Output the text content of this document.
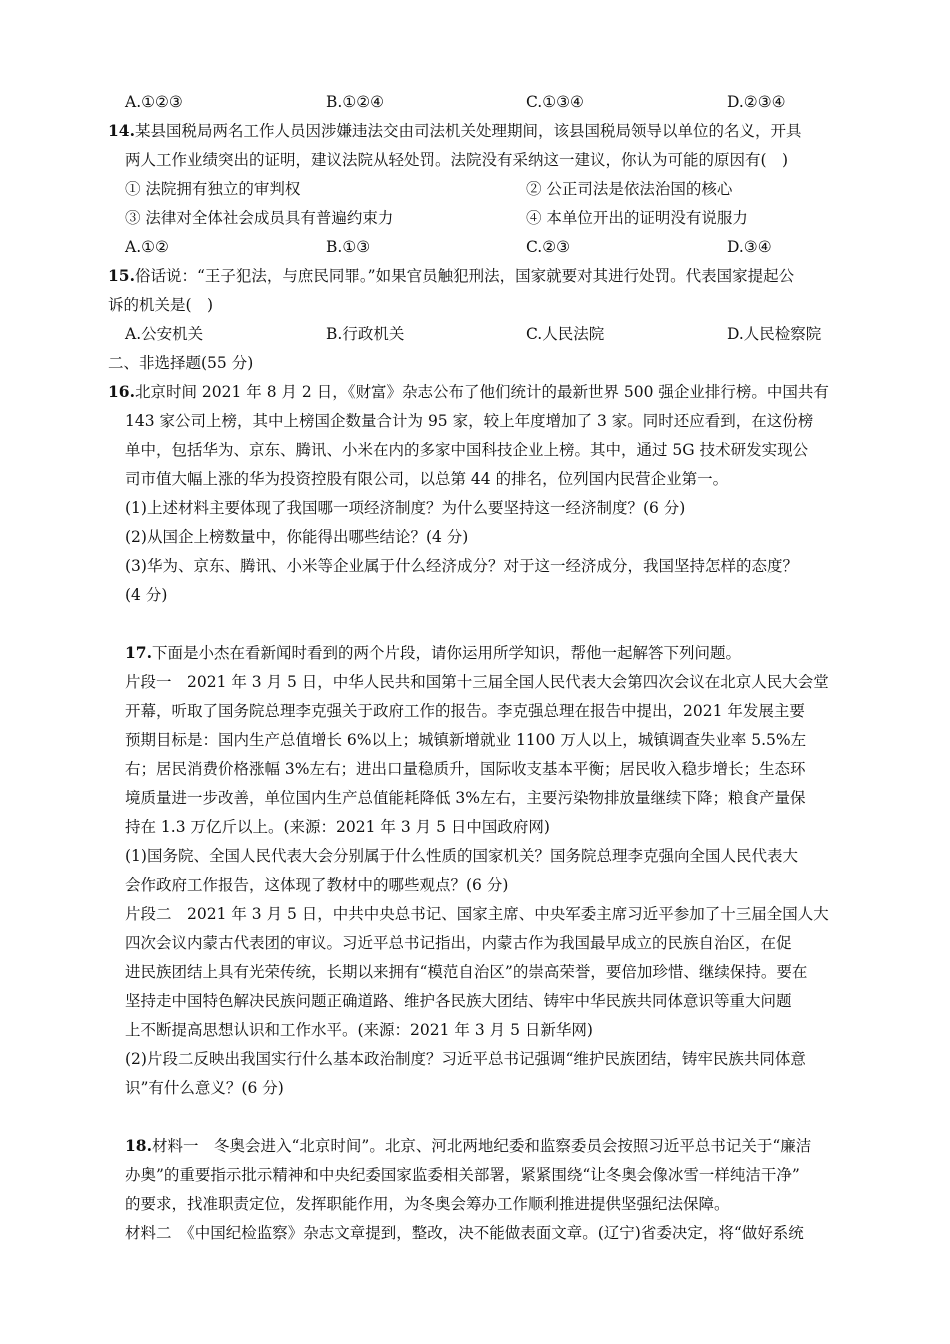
A.①②③	B.①②④	C.①③④	D.②③④
14.某县国税局两名工作人员因涉嫌违法交由司法机关处理期间，该县国税局领导以单位的名义，开具
两人工作业绩突出的证明，建议法院从轻处罚。法院没有采纳这一建议，你认为可能的原因有(　)
① 法院拥有独立的审判权	② 公正司法是依法治国的核心
③ 法律对全体社会成员具有普遍约束力	④ 本单位开出的证明没有说服力
A.①②	B.①③	C.②③	D.③④
15.俗话说：“王子犯法，与庶民同罪。”如果官员触犯刑法，国家就要对其进行处罚。代表国家提起公
诉的机关是(　)
A.公安机关	B.行政机关	C.人民法院	D.人民检察院
二、非选择题(55 分)
16.北京时间 2021 年 8 月 2 日，《财富》杂志公布了他们统计的最新世界 500 强企业排行榜。中国共有
143 家公司上榜，其中上榜国企数量合计为 95 家，较上年度增加了 3 家。同时还应看到，在这份榜
单中，包括华为、京东、腾讯、小米在内的多家中国科技企业上榜。其中，通过 5G 技术研发实现公
司市值大幅上涨的华为投资控股有限公司，以总第 44 的排名，位列国内民营企业第一。
(1)上述材料主要体现了我国哪一项经济制度？为什么要坚持这一经济制度？(6 分)
(2)从国企上榜数量中，你能得出哪些结论？(4 分)
(3)华为、京东、腾讯、小米等企业属于什么经济成分？对于这一经济成分，我国坚持怎样的态度？
(4 分)
17.下面是小杰在看新闻时看到的两个片段，请你运用所学知识，帮他一起解答下列问题。
片段一　2021 年 3 月 5 日，中华人民共和国第十三届全国人民代表大会第四次会议在北京人民大会堂
开幕，听取了国务院总理李克强关于政府工作的报告。李克强总理在报告中提出，2021 年发展主要
预期目标是：国内生产总值增长 6%以上；城镇新增就业 1100 万人以上，城镇调查失业率 5.5%左
右；居民消费价格涨幅 3%左右；进出口量稳质升，国际收支基本平衡；居民收入稳步增长；生态环
境质量进一步改善，单位国内生产总值能耗降低 3%左右，主要污染物排放量继续下降；粮食产量保
持在 1.3 万亿斤以上。(来源：2021 年 3 月 5 日中国政府网)
(1)国务院、全国人民代表大会分别属于什么性质的国家机关？国务院总理李克强向全国人民代表大
会作政府工作报告，这体现了教材中的哪些观点？(6 分)
片段二　2021 年 3 月 5 日，中共中央总书记、国家主席、中央军委主席习近平参加了十三届全国人大
四次会议内蒙古代表团的审议。习近平总书记指出，内蒙古作为我国最早成立的民族自治区，在促
进民族团结上具有光荣传统，长期以来拥有“模范自治区”的崇高荣誉，要倍加珍惜、继续保持。要在
坚持走中国特色解决民族问题正确道路、维护各民族大团结、铸牢中华民族共同体意识等重大问题
上不断提高思想认识和工作水平。(来源：2021 年 3 月 5 日新华网)
(2)片段二反映出我国实行什么基本政治制度？习近平总书记强调“维护民族团结，铸牢民族共同体意
识”有什么意义？(6 分)
18.材料一　冬奥会进入“北京时间”。北京、河北两地纪委和监察委员会按照习近平总书记关于“廉洁
办奥”的重要指示批示精神和中央纪委国家监委相关部署，紧紧围绕“让冬奥会像冰雪一样纯洁干净”
的要求，找准职责定位，发挥职能作用，为冬奥会筹办工作顺利推进提供坚强纪法保障。
材料二　《中国纪检监察》杂志文章提到，整改，决不能做表面文章。(辽宁)省委决定，将“做好系统
